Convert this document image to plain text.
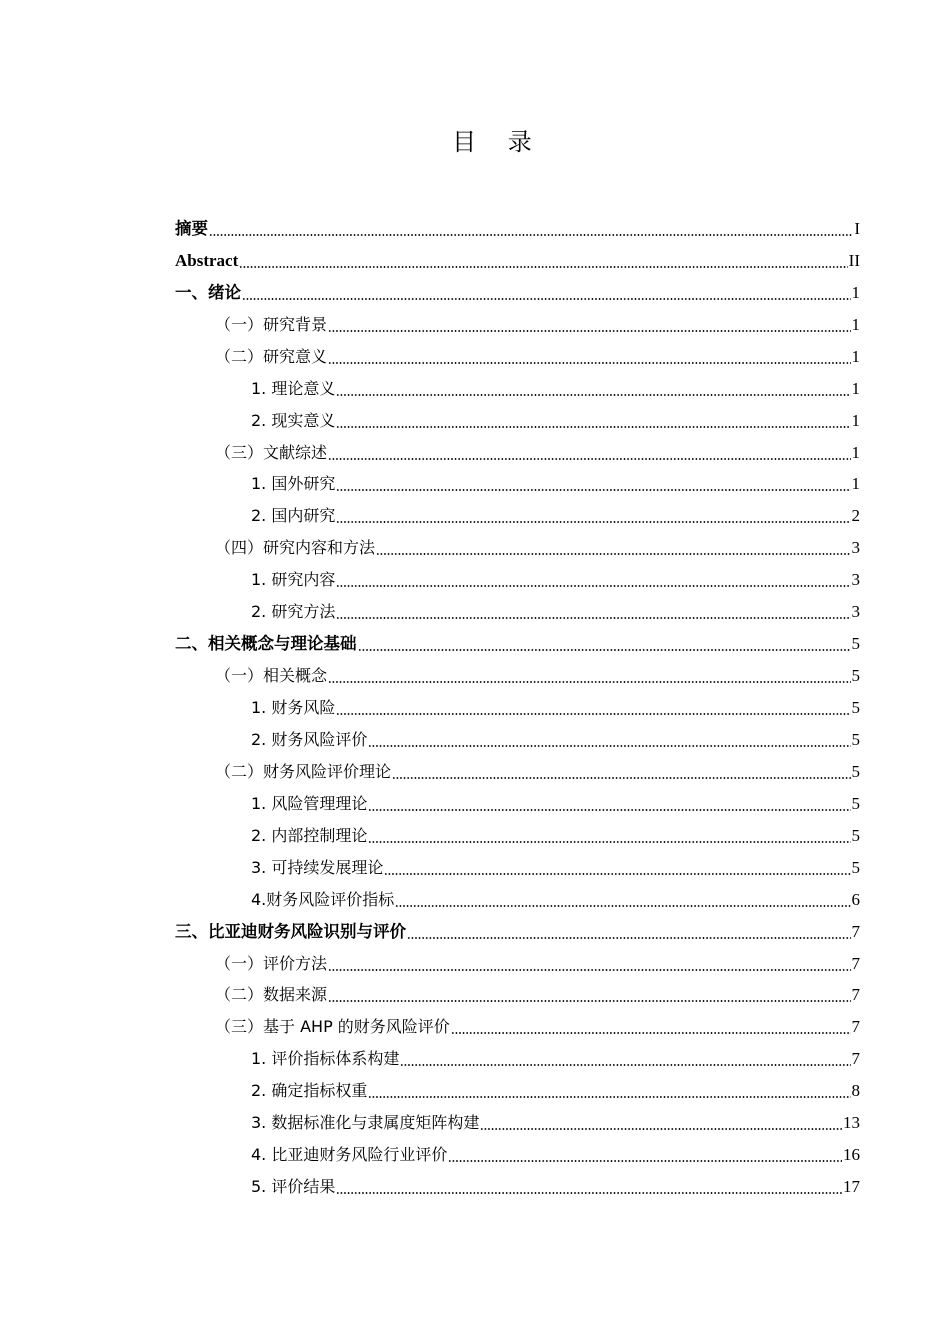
目 录
摘要	I
Abstract	II
一、绪论	1
（一）研究背景	1
（二）研究意义	1
1. 理论意义	1
2. 现实意义	1
（三）文献综述	1
1. 国外研究	1
2. 国内研究	2
（四）研究内容和方法	3
1. 研究内容	3
2. 研究方法	3
二、相关概念与理论基础	5
（一）相关概念	5
1. 财务风险	5
2. 财务风险评价	5
（二）财务风险评价理论	5
1. 风险管理理论	5
2. 内部控制理论	5
3. 可持续发展理论	5
4.财务风险评价指标	6
三、比亚迪财务风险识别与评价	7
（一）评价方法	7
（二）数据来源	7
（三）基于 AHP 的财务风险评价	7
1. 评价指标体系构建	7
2. 确定指标权重	8
3. 数据标准化与隶属度矩阵构建	13
4. 比亚迪财务风险行业评价	16
5. 评价结果	17
